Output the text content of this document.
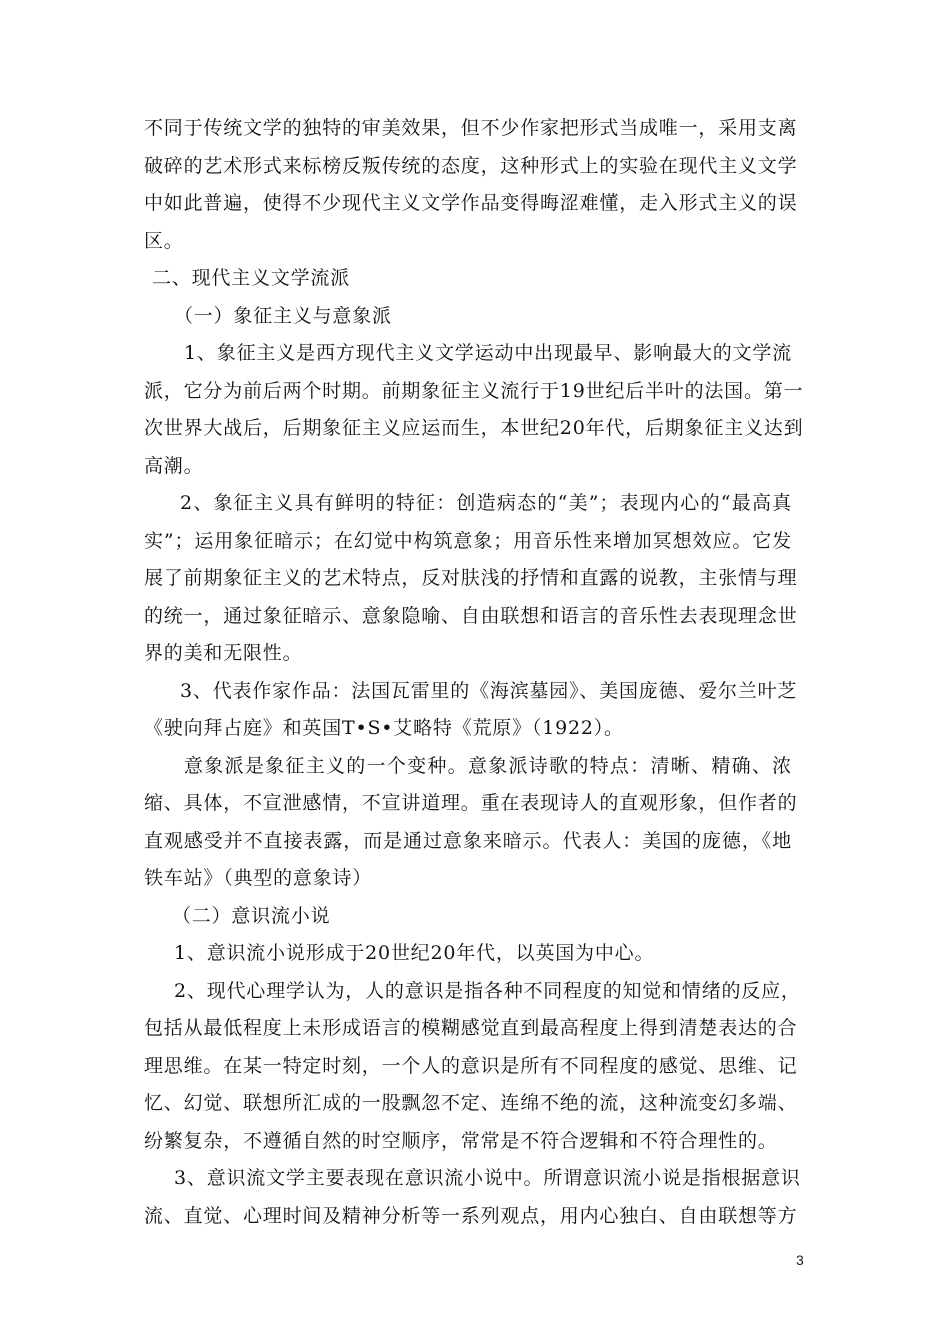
不同于传统文学的独特的审美效果，但不少作家把形式当成唯一，采用支离
破碎的艺术形式来标榜反叛传统的态度，这种形式上的实验在现代主义文学
中如此普遍，使得不少现代主义文学作品变得晦涩难懂，走入形式主义的误
区。
二、现代主义文学流派
（一）象征主义与意象派
1、象征主义是西方现代主义文学运动中出现最早、影响最大的文学流
派，它分为前后两个时期。前期象征主义流行于19世纪后半叶的法国。第一
次世界大战后，后期象征主义应运而生，本世纪20年代，后期象征主义达到
高潮。
2、象征主义具有鲜明的特征：创造病态的“美”；表现内心的“最高真
实”；运用象征暗示；在幻觉中构筑意象；用音乐性来增加冥想效应。它发
展了前期象征主义的艺术特点，反对肤浅的抒情和直露的说教，主张情与理
的统一，通过象征暗示、意象隐喻、自由联想和语言的音乐性去表现理念世
界的美和无限性。
3、代表作家作品：法国瓦雷里的《海滨墓园》、美国庞德、爱尔兰叶芝
《驶向拜占庭》和英国T•S•艾略特《荒原》（1922）。
意象派是象征主义的一个变种。意象派诗歌的特点：清晰、精确、浓
缩、具体，不宣泄感情，不宣讲道理。重在表现诗人的直观形象，但作者的
直观感受并不直接表露，而是通过意象来暗示。代表人：美国的庞德，《地
铁车站》（典型的意象诗）
（二）意识流小说
1、意识流小说形成于20世纪20年代，以英国为中心。
2、现代心理学认为，人的意识是指各种不同程度的知觉和情绪的反应，
包括从最低程度上未形成语言的模糊感觉直到最高程度上得到清楚表达的合
理思维。在某一特定时刻，一个人的意识是所有不同程度的感觉、思维、记
忆、幻觉、联想所汇成的一股飘忽不定、连绵不绝的流，这种流变幻多端、
纷繁复杂，不遵循自然的时空顺序，常常是不符合逻辑和不符合理性的。
3、意识流文学主要表现在意识流小说中。所谓意识流小说是指根据意识
流、直觉、心理时间及精神分析等一系列观点，用内心独白、自由联想等方
3
